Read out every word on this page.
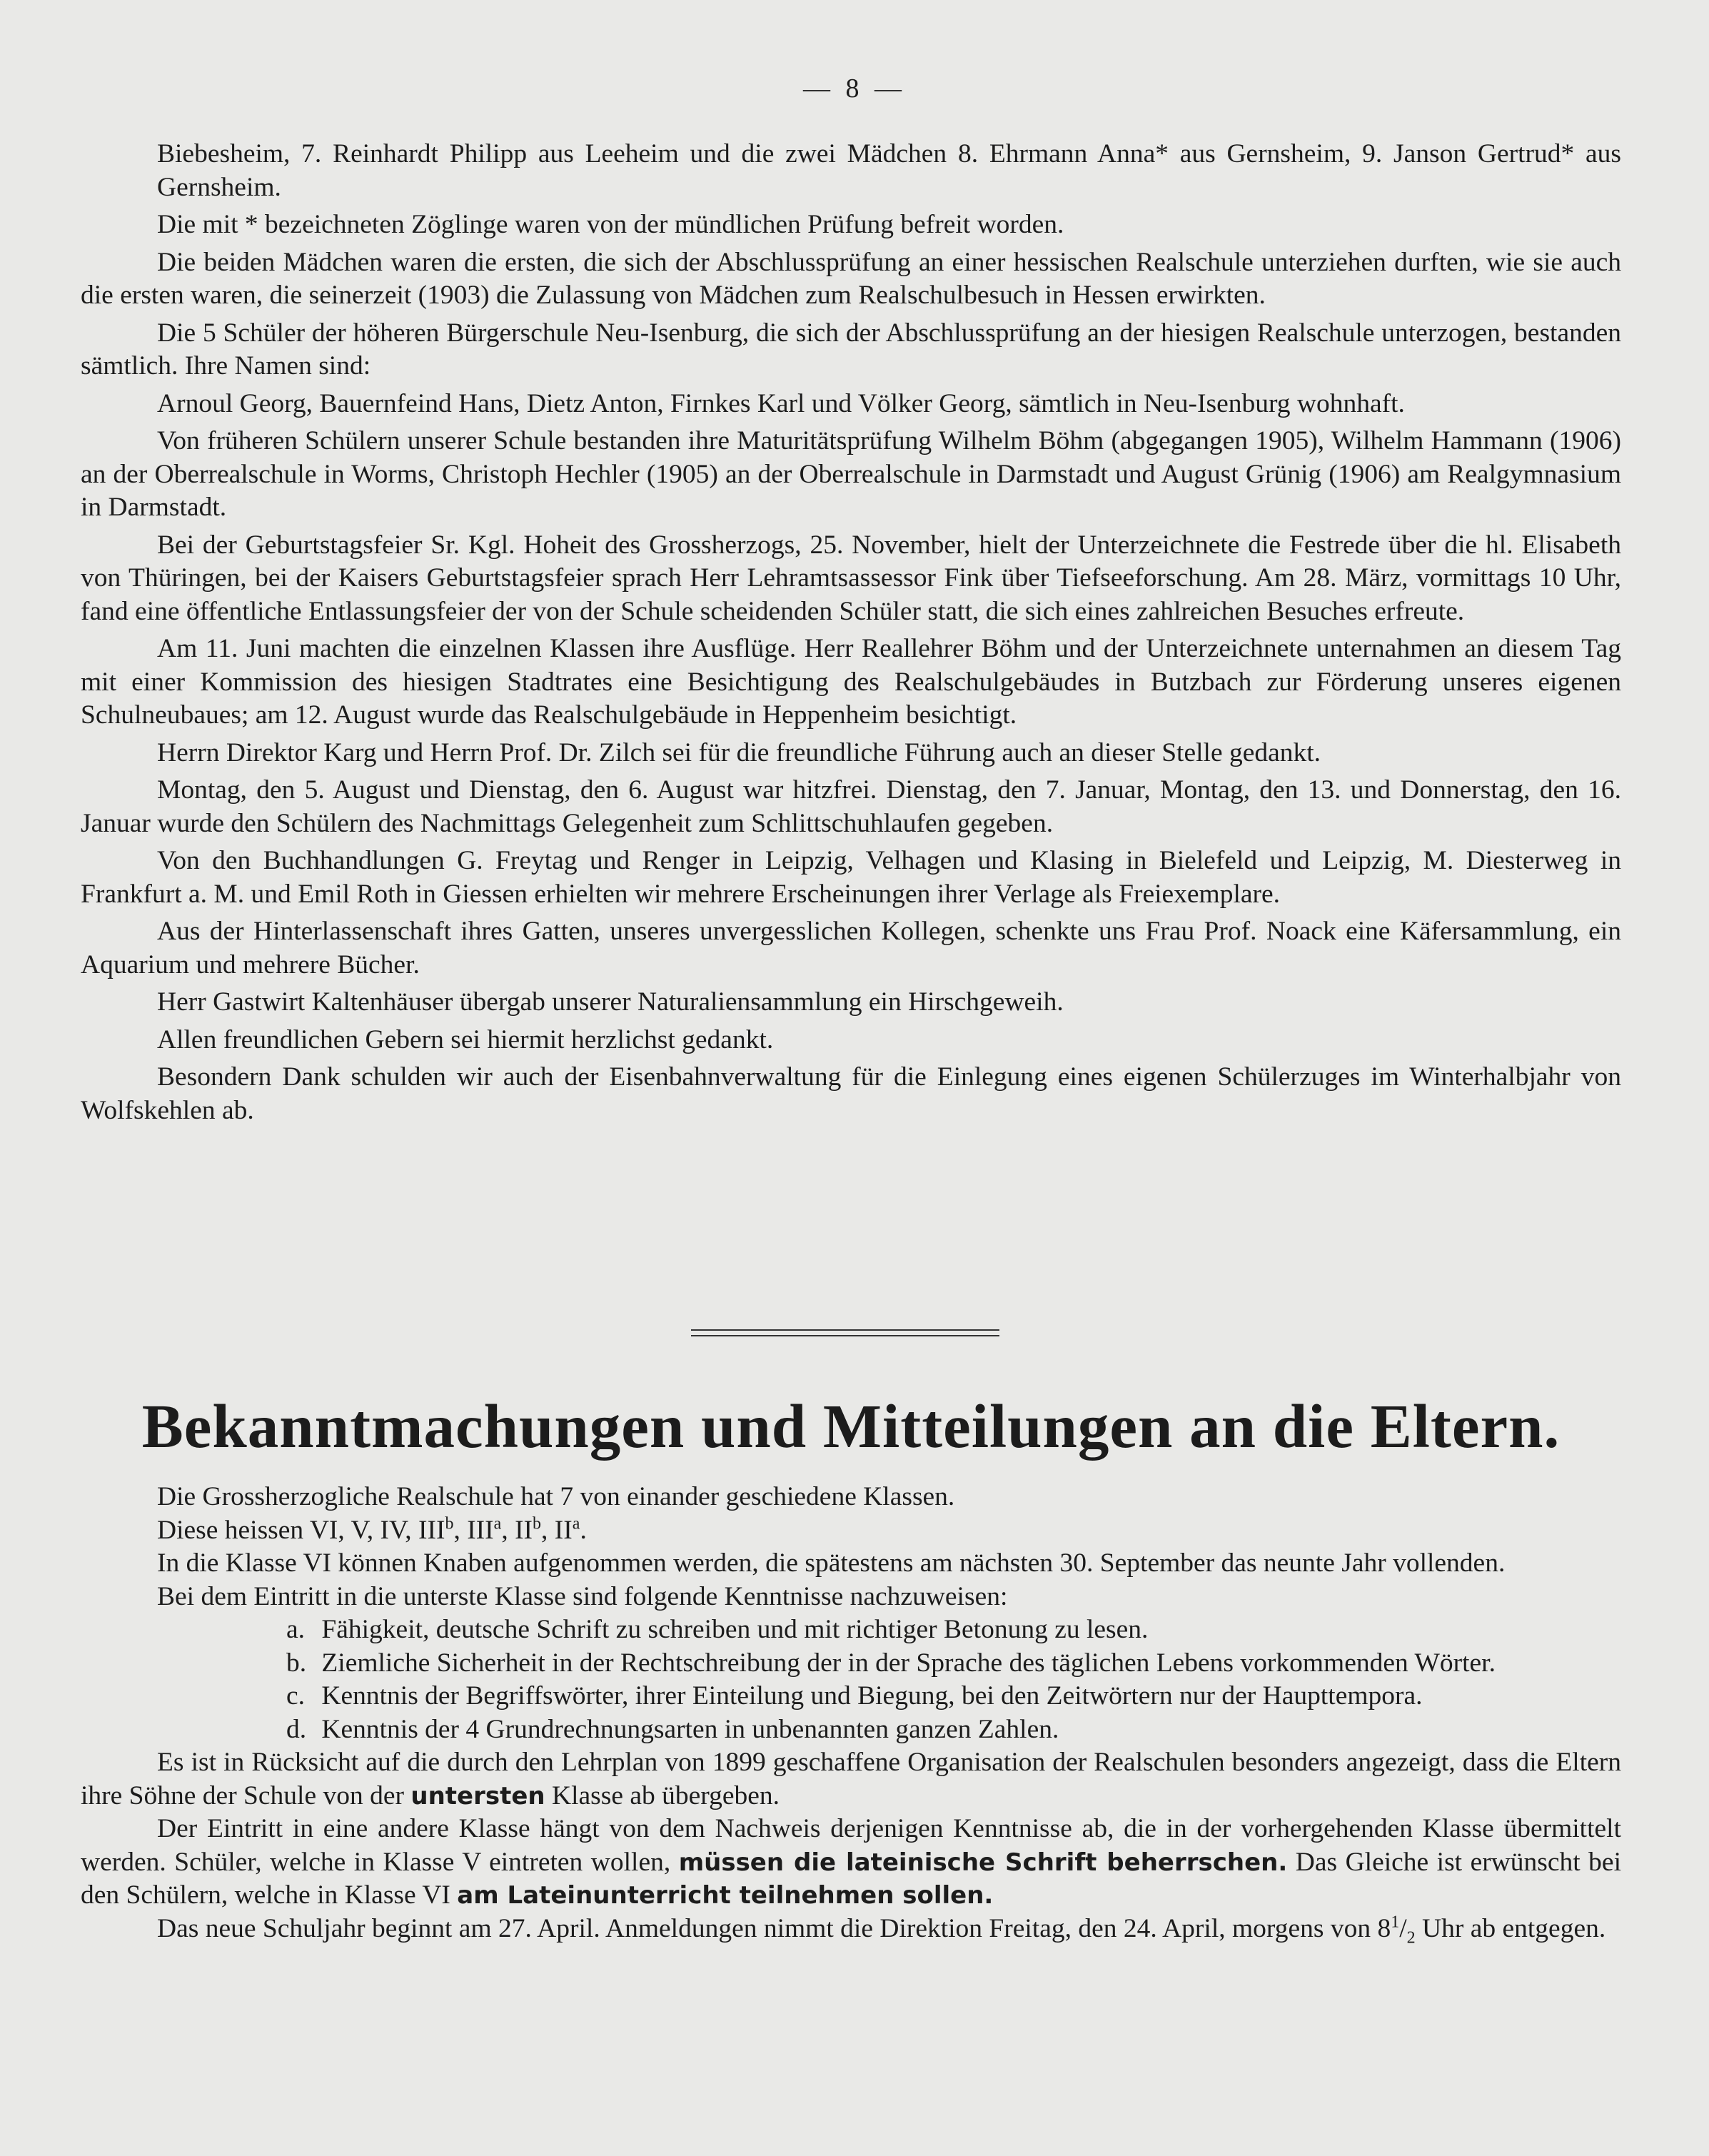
— 8 —

Biebesheim, 7. Reinhardt Philipp aus Leeheim und die zwei Mädchen 8. Ehrmann Anna* aus Gernsheim, 9. Janson Gertrud* aus Gernsheim.

Die mit * bezeichneten Zöglinge waren von der mündlichen Prüfung befreit worden.

Die beiden Mädchen waren die ersten, die sich der Abschlussprüfung an einer hessischen Realschule unterziehen durften, wie sie auch die ersten waren, die seinerzeit (1903) die Zulassung von Mädchen zum Realschulbesuch in Hessen erwirkten.

Die 5 Schüler der höheren Bürgerschule Neu-Isenburg, die sich der Abschlussprüfung an der hiesigen Realschule unterzogen, bestanden sämtlich. Ihre Namen sind:

Arnoul Georg, Bauernfeind Hans, Dietz Anton, Firnkes Karl und Völker Georg, sämtlich in Neu-Isenburg wohnhaft.

Von früheren Schülern unserer Schule bestanden ihre Maturitätsprüfung Wilhelm Böhm (abgegangen 1905), Wilhelm Hammann (1906) an der Oberrealschule in Worms, Christoph Hechler (1905) an der Oberrealschule in Darmstadt und August Grünig (1906) am Realgymnasium in Darmstadt.

Bei der Geburtstagsfeier Sr. Kgl. Hoheit des Grossherzogs, 25. November, hielt der Unterzeichnete die Festrede über die hl. Elisabeth von Thüringen, bei der Kaisers Geburtstagsfeier sprach Herr Lehramtsassessor Fink über Tiefseeforschung. Am 28. März, vormittags 10 Uhr, fand eine öffentliche Entlassungsfeier der von der Schule scheidenden Schüler statt, die sich eines zahlreichen Besuches erfreute.

Am 11. Juni machten die einzelnen Klassen ihre Ausflüge. Herr Reallehrer Böhm und der Unterzeichnete unternahmen an diesem Tag mit einer Kommission des hiesigen Stadtrates eine Besichtigung des Realschulgebäudes in Butzbach zur Förderung unseres eigenen Schulneubaues; am 12. August wurde das Realschulgebäude in Heppenheim besichtigt.

Herrn Direktor Karg und Herrn Prof. Dr. Zilch sei für die freundliche Führung auch an dieser Stelle gedankt.

Montag, den 5. August und Dienstag, den 6. August war hitzfrei. Dienstag, den 7. Januar, Montag, den 13. und Donnerstag, den 16. Januar wurde den Schülern des Nachmittags Gelegenheit zum Schlittschuhlaufen gegeben.

Von den Buchhandlungen G. Freytag und Renger in Leipzig, Velhagen und Klasing in Bielefeld und Leipzig, M. Diesterweg in Frankfurt a. M. und Emil Roth in Giessen erhielten wir mehrere Erscheinungen ihrer Verlage als Freiexemplare.

Aus der Hinterlassenschaft ihres Gatten, unseres unvergesslichen Kollegen, schenkte uns Frau Prof. Noack eine Käfersammlung, ein Aquarium und mehrere Bücher.

Herr Gastwirt Kaltenhäuser übergab unserer Naturaliensammlung ein Hirschgeweih.

Allen freundlichen Gebern sei hiermit herzlichst gedankt.

Besondern Dank schulden wir auch der Eisenbahnverwaltung für die Einlegung eines eigenen Schülerzuges im Winterhalbjahr von Wolfskehlen ab.

Bekanntmachungen und Mitteilungen an die Eltern.

Die Grossherzogliche Realschule hat 7 von einander geschiedene Klassen.

Diese heissen VI, V, IV, III$^b$, III$^a$, $II^b$, $II^a$.

In die Klasse VI können Knaben aufgenommen werden, die spätestens am nächsten 30. September das neunte Jahr vollenden.

Bei dem Eintritt in die unterste Klasse sind folgende Kenntnisse nachzuweisen:

a. Fähigkeit, deutsche Schrift zu schreiben und mit richtiger Betonung zu lesen.
b. Ziemliche Sicherheit in der Rechtschreibung der in der Sprache des täglichen Lebens vorkommenden Wörter.
c. Kenntnis der Begriffswörter, ihrer Einteilung und Biegung, bei den Zeitwörtern nur der Haupttempora.
d. Kenntnis der 4 Grundrechnungsarten in unbenannten ganzen Zahlen.

Es ist in Rücksicht auf die durch den Lehrplan von 1899 geschaffene Organisation der Realschulen besonders angezeigt, dass die Eltern ihre Söhne der Schule von der untersten Klasse ab übergeben.

Der Eintritt in eine andere Klasse hängt von dem Nachweis derjenigen Kenntnisse ab, die in der vorhergehenden Klasse übermittelt werden. Schüler, welche in Klasse V eintreten wollen, müssen die lateinische Schrift beherrschen. Das Gleiche ist erwünscht bei den Schülern, welche in Klasse VI am Lateinunterricht teilnehmen sollen.

Das neue Schuljahr beginnt am 27. April. Anmeldungen nimmt die Direktion Freitag, den 24. April, morgens von $8^1/_2$ Uhr ab entgegen.
